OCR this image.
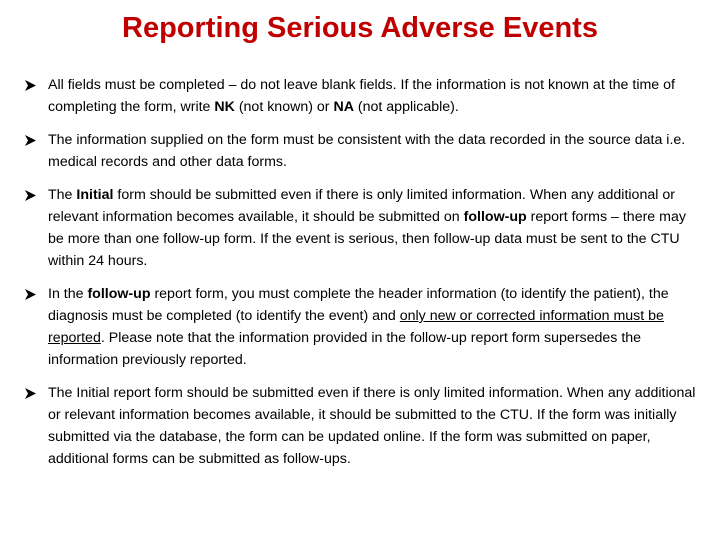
Reporting Serious Adverse Events
All fields must be completed – do not leave blank fields. If the information is not known at the time of completing the form, write NK (not known) or NA (not applicable).
The information supplied on the form must be consistent with the data recorded in the source data i.e. medical records and other data forms.
The Initial form should be submitted even if there is only limited information. When any additional or relevant information becomes available, it should be submitted on follow-up report forms – there may be more than one follow-up form. If the event is serious, then follow-up data must be sent to the CTU within 24 hours.
In the follow-up report form, you must complete the header information (to identify the patient), the diagnosis must be completed (to identify the event) and only new or corrected information must be reported. Please note that the information provided in the follow-up report form supersedes the information previously reported.
The Initial report form should be submitted even if there is only limited information. When any additional or relevant information becomes available, it should be submitted to the CTU. If the form was initially submitted via the database, the form can be updated online. If the form was submitted on paper, additional forms can be submitted as follow-ups.
